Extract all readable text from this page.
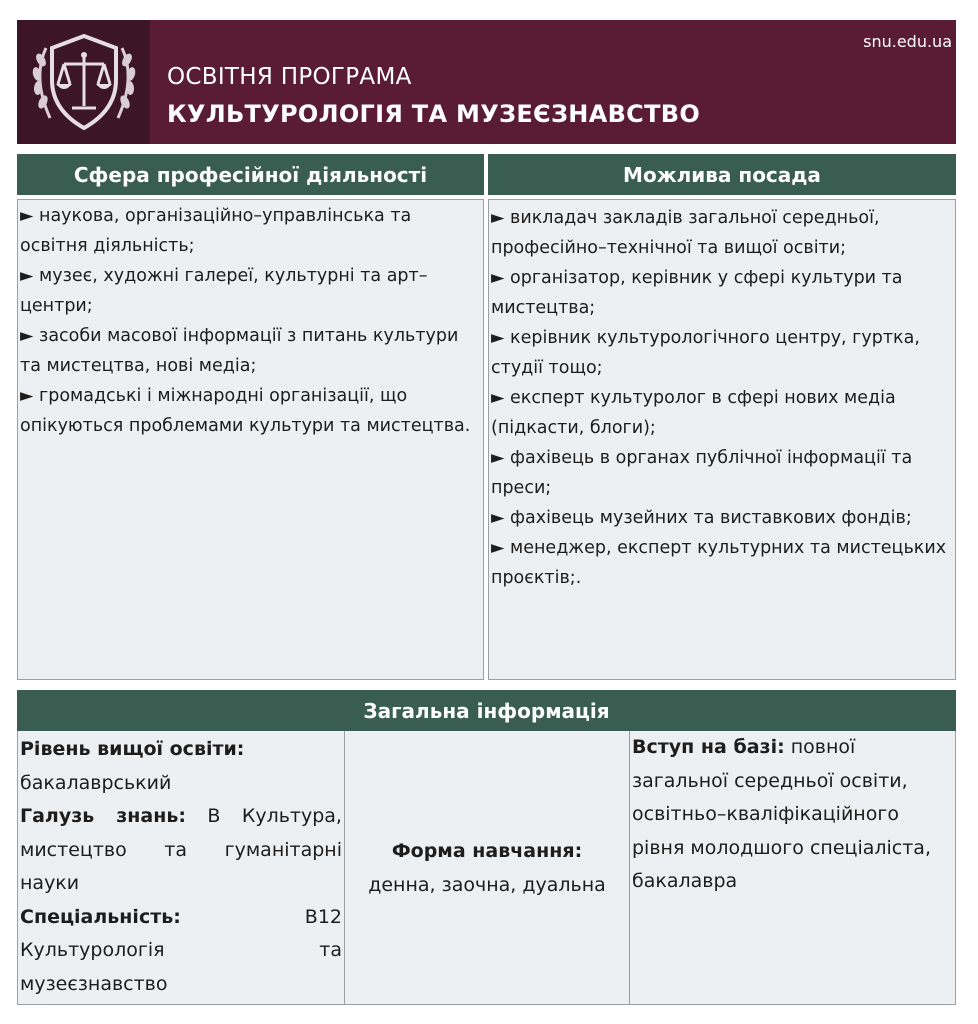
snu.edu.ua
ОСВІТНЯ ПРОГРАМА
КУЛЬТУРОЛОГІЯ ТА МУЗЕЄЗНАВСТВО
Сфера професійної діяльності
► наукова, організаційно–управлінська та освітня діяльність;
► музеє, художні галереї, культурні та арт–центри;
► засоби масової інформації з питань культури та мистецтва, нові медіа;
► громадські і міжнародні організації, що опікуються проблемами культури та мистецтва.
Можлива посада
► викладач закладів загальної середньої, професійно–технічної та вищої освіти;
► організатор, керівник у сфері культури та мистецтва;
► керівник культурологічного центру, гуртка, студії тощо;
► експерт культуролог в сфері нових медіа (підкасти, блоги);
► фахівець в органах публічної інформації та преси;
► фахівець музейних та виставкових фондів;
► менеджер, експерт культурних та мистецьких проєктів;.
Загальна інформація
Рівень вищої освіти:
бакалаврський
Галузь знань: В Культура, мистецтво та гуманітарні науки
Спеціальність:	В12 Культурологія та музеєзнавство
Форма навчання:
денна, заочна, дуальна
Вступ на базі: повної загальної середньої освіти, освітньо–кваліфікаційного рівня молодшого спеціаліста, бакалавра
